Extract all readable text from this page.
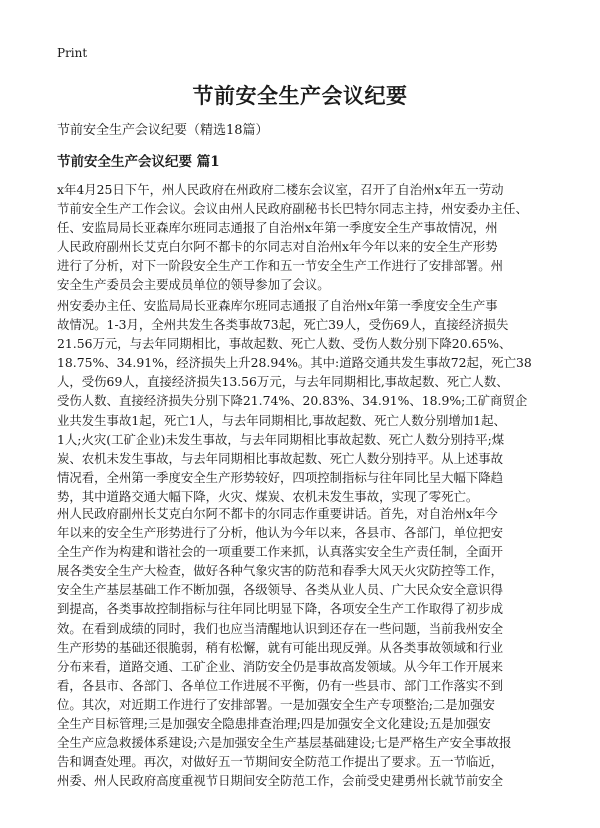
Print
节前安全生产会议纪要
节前安全生产会议纪要（精选18篇）
节前安全生产会议纪要 篇1
x年4月25日下午，州人民政府在州政府二楼东会议室，召开了自治州x年五一劳动
节前安全生产工作会议。会议由州人民政府副秘书长巴特尔同志主持，州安委办主任、
任、安监局局长亚森库尔班同志通报了自治州x年第一季度安全生产事故情况，州
人民政府副州长艾克白尔阿不都卡的尔同志对自治州x年今年以来的安全生产形势
进行了分析，对下一阶段安全生产工作和五一节安全生产工作进行了安排部署。州
安全生产委员会主要成员单位的领导参加了会议。
州安委办主任、安监局局长亚森库尔班同志通报了自治州x年第一季度安全生产事
故情况。1-3月，全州共发生各类事故73起，死亡39人，受伤69人，直接经济损失
21.56万元，与去年同期相比，事故起数、死亡人数、受伤人数分别下降20.65%、
18.75%、34.91%，经济损失上升28.94%。其中:道路交通共发生事故72起，死亡38
人，受伤69人，直接经济损失13.56万元，与去年同期相比,事故起数、死亡人数、
受伤人数、直接经济损失分别下降21.74%、20.83%、34.91%、18.9%;工矿商贸企
业共发生事故1起，死亡1人，与去年同期相比,事故起数、死亡人数分别增加1起、
1人;火灾(工矿企业)未发生事故，与去年同期相比事故起数、死亡人数分别持平;煤
炭、农机未发生事故，与去年同期相比事故起数、死亡人数分别持平。从上述事故
情况看，全州第一季度安全生产形势较好，四项控制指标与往年同比呈大幅下降趋
势，其中道路交通大幅下降，火灾、煤炭、农机未发生事故，实现了零死亡。
州人民政府副州长艾克白尔阿不都卡的尔同志作重要讲话。首先，对自治州x年今
年以来的安全生产形势进行了分析，他认为今年以来，各县市、各部门，单位把安
全生产作为构建和谐社会的一项重要工作来抓，认真落实安全生产责任制，全面开
展各类安全生产大检查，做好各种气象灾害的防范和春季大风天火灾防控等工作，
安全生产基层基础工作不断加强，各级领导、各类从业人员、广大民众安全意识得
到提高，各类事故控制指标与往年同比明显下降，各项安全生产工作取得了初步成
效。在看到成绩的同时，我们也应当清醒地认识到还存在一些问题，当前我州安全
生产形势的基础还很脆弱，稍有松懈，就有可能出现反弹。从各类事故领域和行业
分布来看，道路交通、工矿企业、消防安全仍是事故高发领域。从今年工作开展来
看，各县市、各部门、各单位工作进展不平衡，仍有一些县市、部门工作落实不到
位。其次，对近期工作进行了安排部署。一是加强安全生产专项整治;二是加强安
全生产目标管理;三是加强安全隐患排查治理;四是加强安全文化建设;五是加强安
全生产应急救援体系建设;六是加强安全生产基层基础建设;七是严格生产安全事故报
告和调查处理。再次，对做好五一节期间安全防范工作提出了要求。五一节临近，
州委、州人民政府高度重视节日期间安全防范工作，会前受史建勇州长就节前安全
